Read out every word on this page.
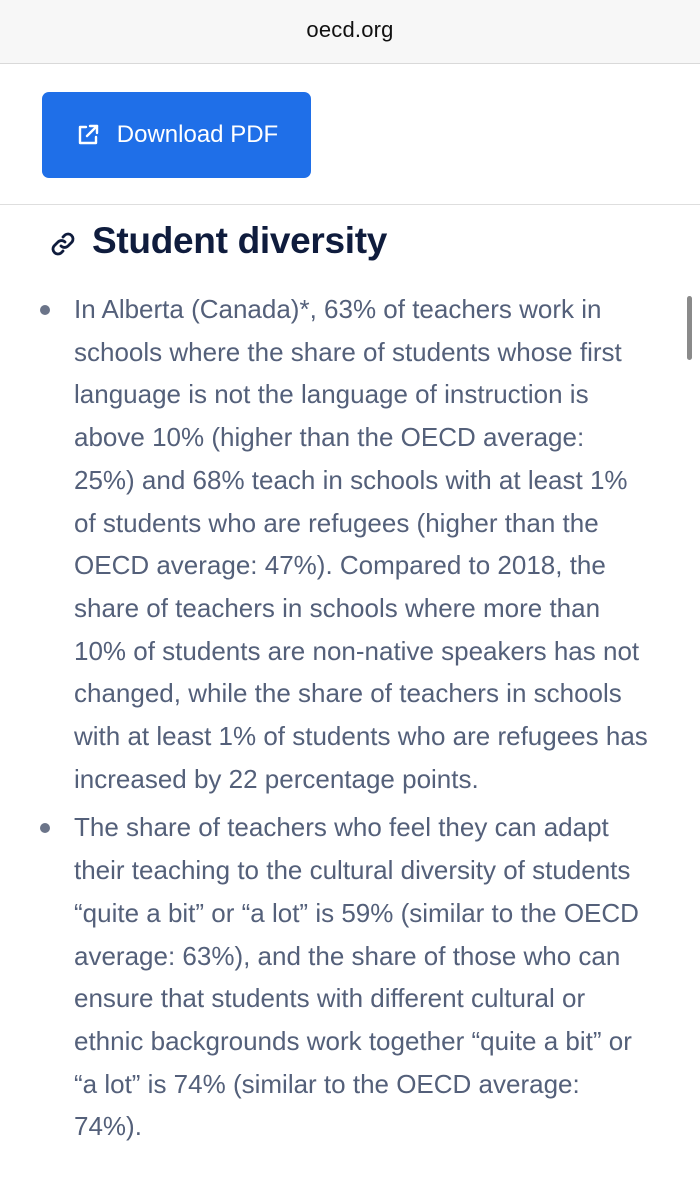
oecd.org
Download PDF
Student diversity
In Alberta (Canada)*, 63% of teachers work in schools where the share of students whose first language is not the language of instruction is above 10% (higher than the OECD average: 25%) and 68% teach in schools with at least 1% of students who are refugees (higher than the OECD average: 47%). Compared to 2018, the share of teachers in schools where more than 10% of students are non-native speakers has not changed, while the share of teachers in schools with at least 1% of students who are refugees has increased by 22 percentage points.
The share of teachers who feel they can adapt their teaching to the cultural diversity of students “quite a bit” or “a lot” is 59% (similar to the OECD average: 63%), and the share of those who can ensure that students with different cultural or ethnic backgrounds work together “quite a bit” or “a lot” is 74% (similar to the OECD average: 74%).
